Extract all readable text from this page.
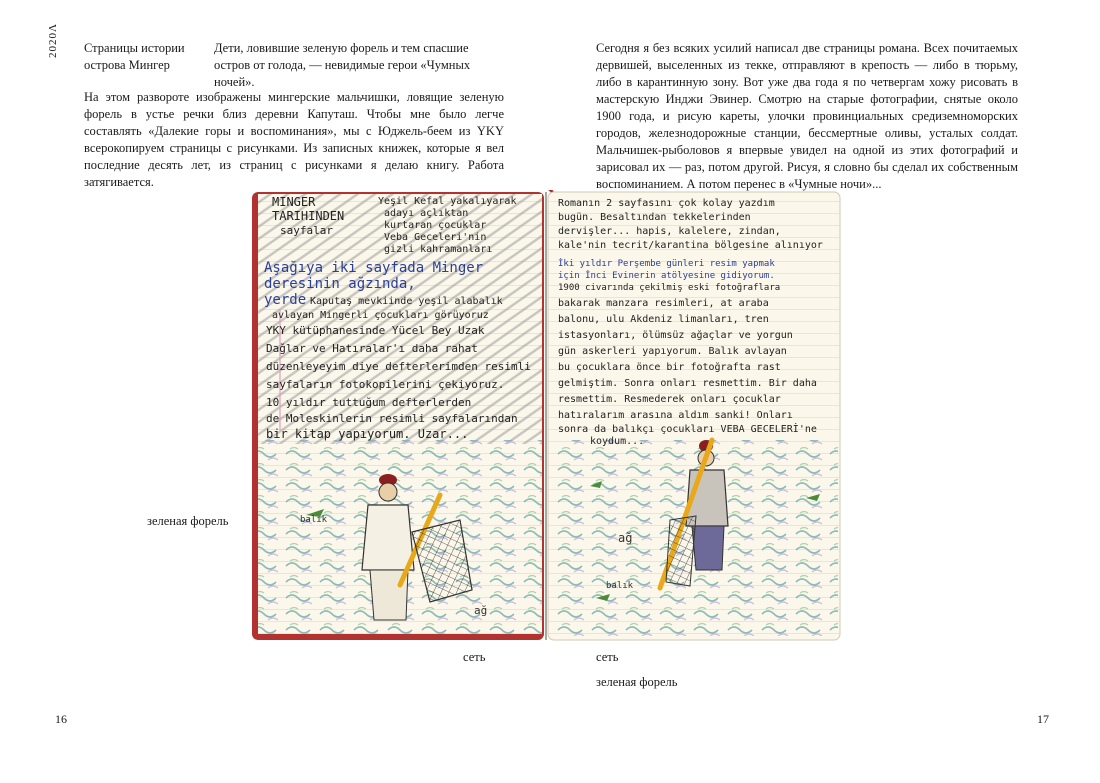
2020Λ Страницы истории острова Мингер
Дети, ловившие зеленую форель и тем спасшие остров от голода, — невидимые герои «Чумных ночей».
На этом развороте изображены мингерские мальчишки, ловящие зеленую форель в устье речки близ деревни Капуташ. Чтобы мне было легче составлять «Далекие горы и воспоминания», мы с Юджель-беем из YKY всерокопируем страницы с рисунками. Из записных книжек, которые я вел последние десять лет, из страниц с рисунками я делаю книгу. Работа затягивается.
Сегодня я без всяких усилий написал две страницы романа. Всех почитаемых дервишей, выселенных из текке, отправляют в крепость — либо в тюрьму, либо в карантинную зону. Вот уже два года я по четвергам хожу рисовать в мастерскую Инджи Эвинер. Смотрю на старые фотографии, снятые около 1900 года, и рисую кареты, улочки провинциальных средиземноморских городов, железнодорожные станции, бессмертные оливы, усталых солдат. Мальчишек-рыболовов я впервые увидел на одной из этих фотографий и зарисовал их — раз, потом другой. Рисуя, я словно бы сделал их собственным воспоминанием. А потом перенес в «Чумные ночи»...
зеленая форель
сеть	сеть
зеленая форель
16	17
MINGER
TARIHINDEN
sayfalar
Yeşil Kefal yakalıyarak
adayı açlıktan
kurtaran çocuklar
Veba Geceleri'nin
gizli kahramanları
Aşağıya iki sayfada Minger
deresinin ağzında,
yerde Kaputaş mevkiinde yeşil alabalık
avlayan Mingerli çocukları görüyoruz
YKY kütüphanesinde Yücel Bey Uzak
Dağlar ve Hatıralar'ı daha rahat
düzenleyeyim diye defterlerimden resimli
sayfaların fotokopilerini çekiyoruz.
10 yıldır tuttuğum defterlerden
de Moleskinlerin resimli sayfalarından
bir kitap yapıyorum. Uzar...
Romanın 2 sayfasını çok kolay yazdım
bugün. Besaltından tekkelerinden
dervişler... hapis, kalelere, zindan,
kale'nin tecrit/karantina bölgesine alınıyor
İki yıldır Perşembe günleri resim yapmak
için İnci Evinerin atölyesine gidiyorum.
1900 civarında çekilmiş eski fotoğraflara
bakarak manzara resimleri, at araba
balonu, ulu Akdeniz limanları, tren
istasyonları, ölümsüz ağaçlar ve yorgun
gün askerleri yapıyorum. Balık avlayan
bu çocuklara önce bir fotoğrafta rast
gelmiştim. Sonra onları resmettim. Bir daha
resmettim. Resmederek onları çocuklar
hatıralarım arasına aldım sanki! Onları
sonra da balıkçı çocukları VEBA GECELERİ'ne
koydum...
balık
ağ
ağ
balık
